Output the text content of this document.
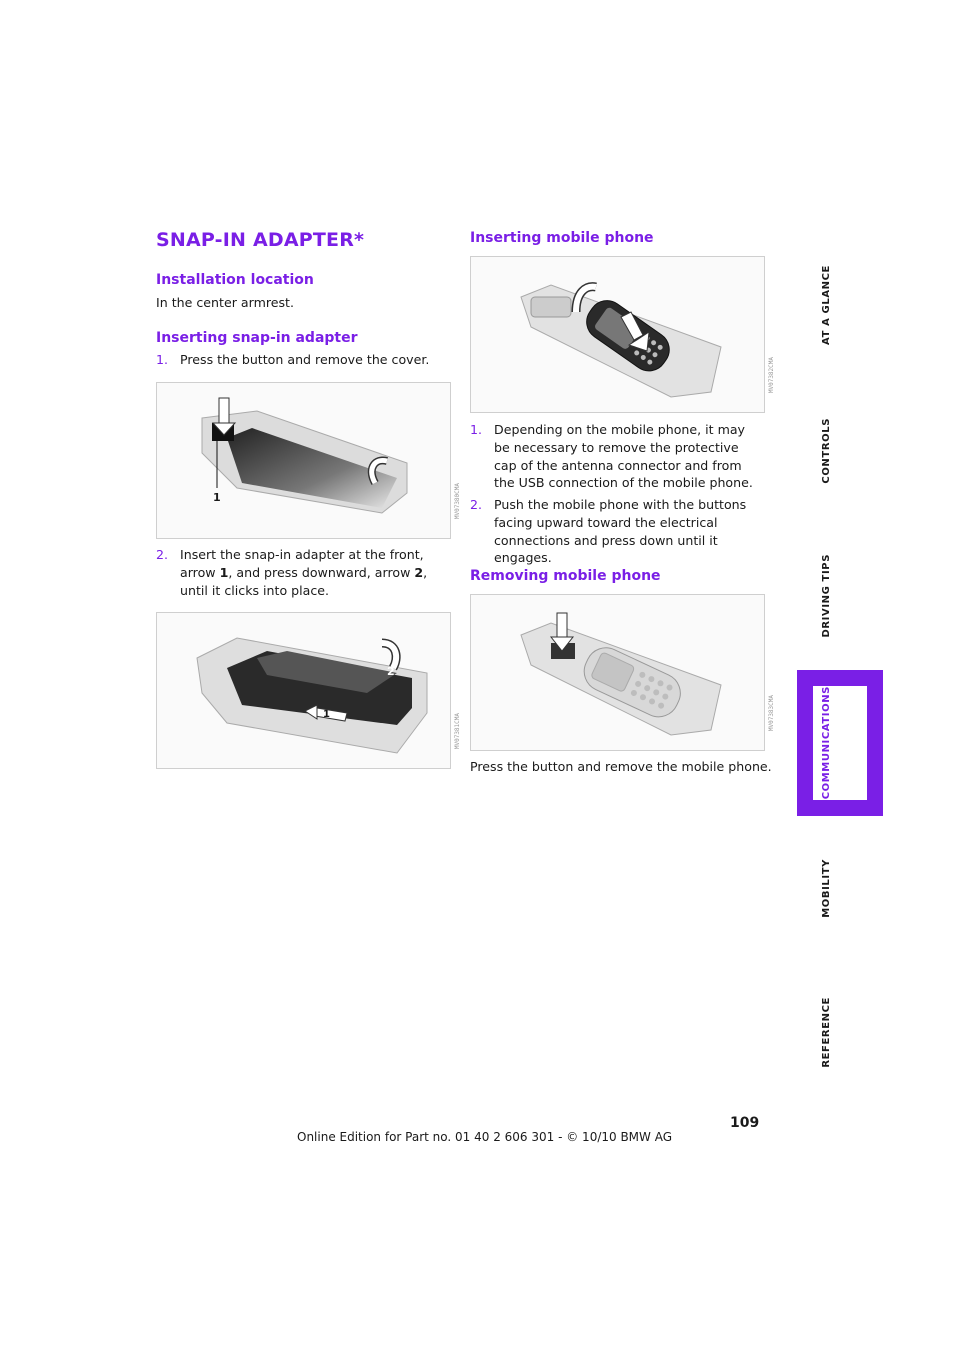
SNAP-IN ADAPTER*
Installation location
In the center armrest.
Inserting snap-in adapter
1. Press the button and remove the cover.
1	MV07380CMA
2. Insert the snap-in adapter at the front, arrow 1, and press downward, arrow 2, until it clicks into place.
2
1	MV07381CMA
Inserting mobile phone
MV07382CMA
1. Depending on the mobile phone, it may be necessary to remove the protective cap of the antenna connector and from the USB connection of the mobile phone.
2. Push the mobile phone with the buttons facing upward toward the electrical connections and press down until it engages.
Removing mobile phone
MV07383CMA
Press the button and remove the mobile phone.
AT A GLANCE
CONTROLS
DRIVING TIPS
COMMUNICATIONS
MOBILITY
REFERENCE
109
Online Edition for Part no. 01 40 2 606 301 - © 10/10 BMW AG
